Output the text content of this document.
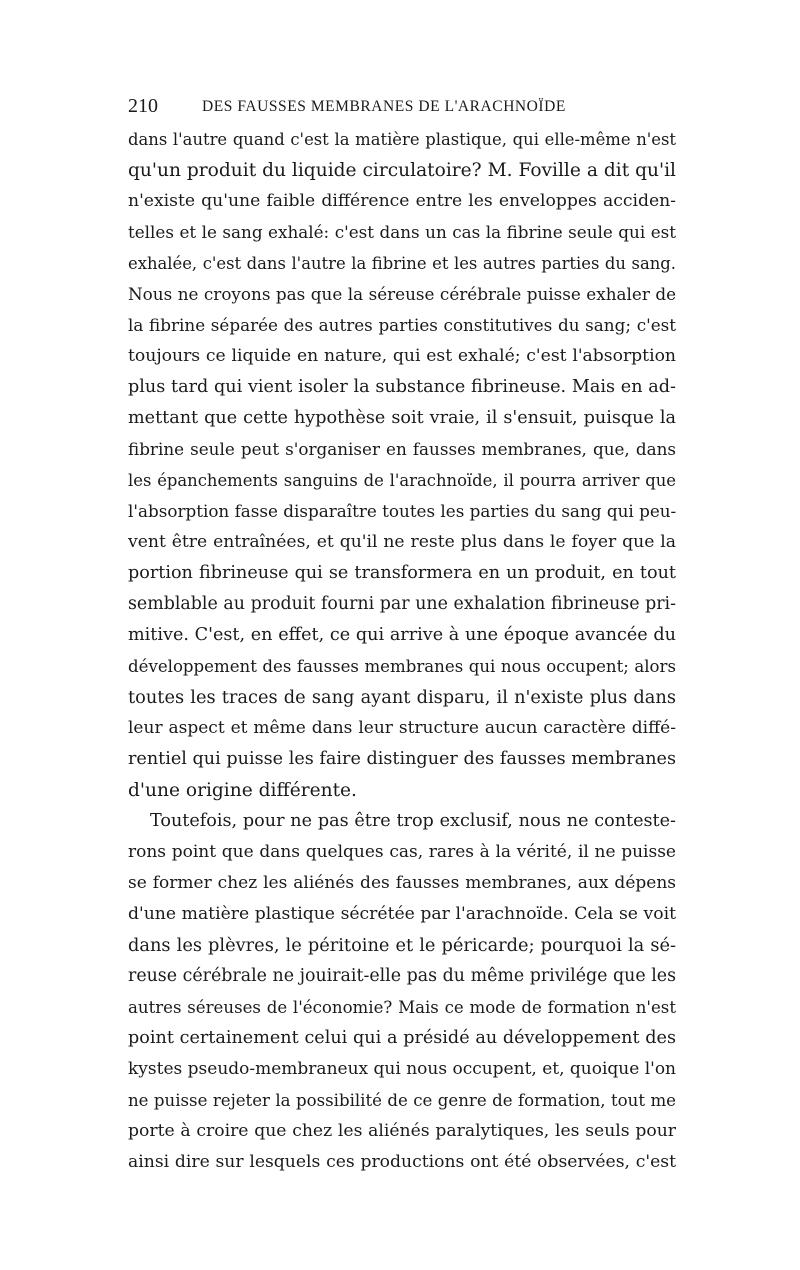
210	DES FAUSSES MEMBRANES DE L'ARACHNOÏDE
dans l'autre quand c'est la matière plastique, qui elle-même n'est
qu'un produit du liquide circulatoire? M. Foville a dit qu'il
n'existe qu'une faible différence entre les enveloppes acciden-
telles et le sang exhalé: c'est dans un cas la fibrine seule qui est
exhalée, c'est dans l'autre la fibrine et les autres parties du sang.
Nous ne croyons pas que la séreuse cérébrale puisse exhaler de
la fibrine séparée des autres parties constitutives du sang; c'est
toujours ce liquide en nature, qui est exhalé; c'est l'absorption
plus tard qui vient isoler la substance fibrineuse. Mais en ad-
mettant que cette hypothèse soit vraie, il s'ensuit, puisque la
fibrine seule peut s'organiser en fausses membranes, que, dans
les épanchements sanguins de l'arachnoïde, il pourra arriver que
l'absorption fasse disparaître toutes les parties du sang qui peu-
vent être entraînées, et qu'il ne reste plus dans le foyer que la
portion fibrineuse qui se transformera en un produit, en tout
semblable au produit fourni par une exhalation fibrineuse pri-
mitive. C'est, en effet, ce qui arrive à une époque avancée du
développement des fausses membranes qui nous occupent; alors
toutes les traces de sang ayant disparu, il n'existe plus dans
leur aspect et même dans leur structure aucun caractère diffé-
rentiel qui puisse les faire distinguer des fausses membranes
d'une origine différente.
Toutefois, pour ne pas être trop exclusif, nous ne conteste-
rons point que dans quelques cas, rares à la vérité, il ne puisse
se former chez les aliénés des fausses membranes, aux dépens
d'une matière plastique sécrétée par l'arachnoïde. Cela se voit
dans les plèvres, le péritoine et le péricarde; pourquoi la sé-
reuse cérébrale ne jouirait-elle pas du même privilége que les
autres séreuses de l'économie? Mais ce mode de formation n'est
point certainement celui qui a présidé au développement des
kystes pseudo-membraneux qui nous occupent, et, quoique l'on
ne puisse rejeter la possibilité de ce genre de formation, tout me
porte à croire que chez les aliénés paralytiques, les seuls pour
ainsi dire sur lesquels ces productions ont été observées, c'est
